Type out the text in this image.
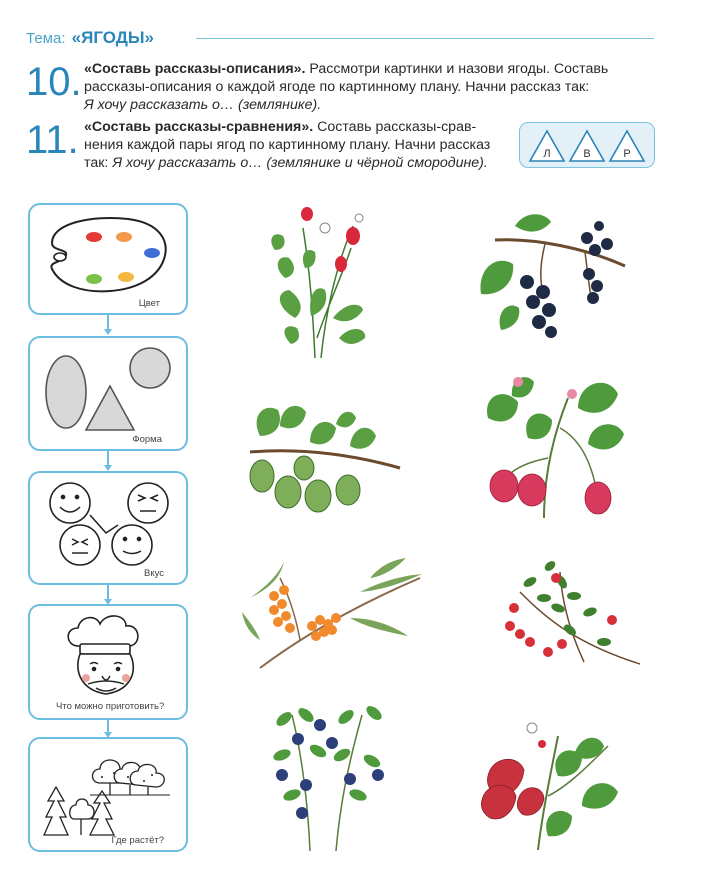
Тема: «ЯГОДЫ»
10. «Составь рассказы-описания». Рассмотри картинки и назови ягоды. Составь
рассказы-описания о каждой ягоде по картинному плану. Начни рассказ так:
Я хочу рассказать о… (землянике).
11. «Составь рассказы-сравнения». Составь рассказы-срав-
нения каждой пары ягод по картинному плану. Начни рассказ
так: Я хочу рассказать о… (землянике и чёрной смородине).
Л	В	Р
Цвет
Форма
Вкус
Что можно приготовить?
Где растёт?
